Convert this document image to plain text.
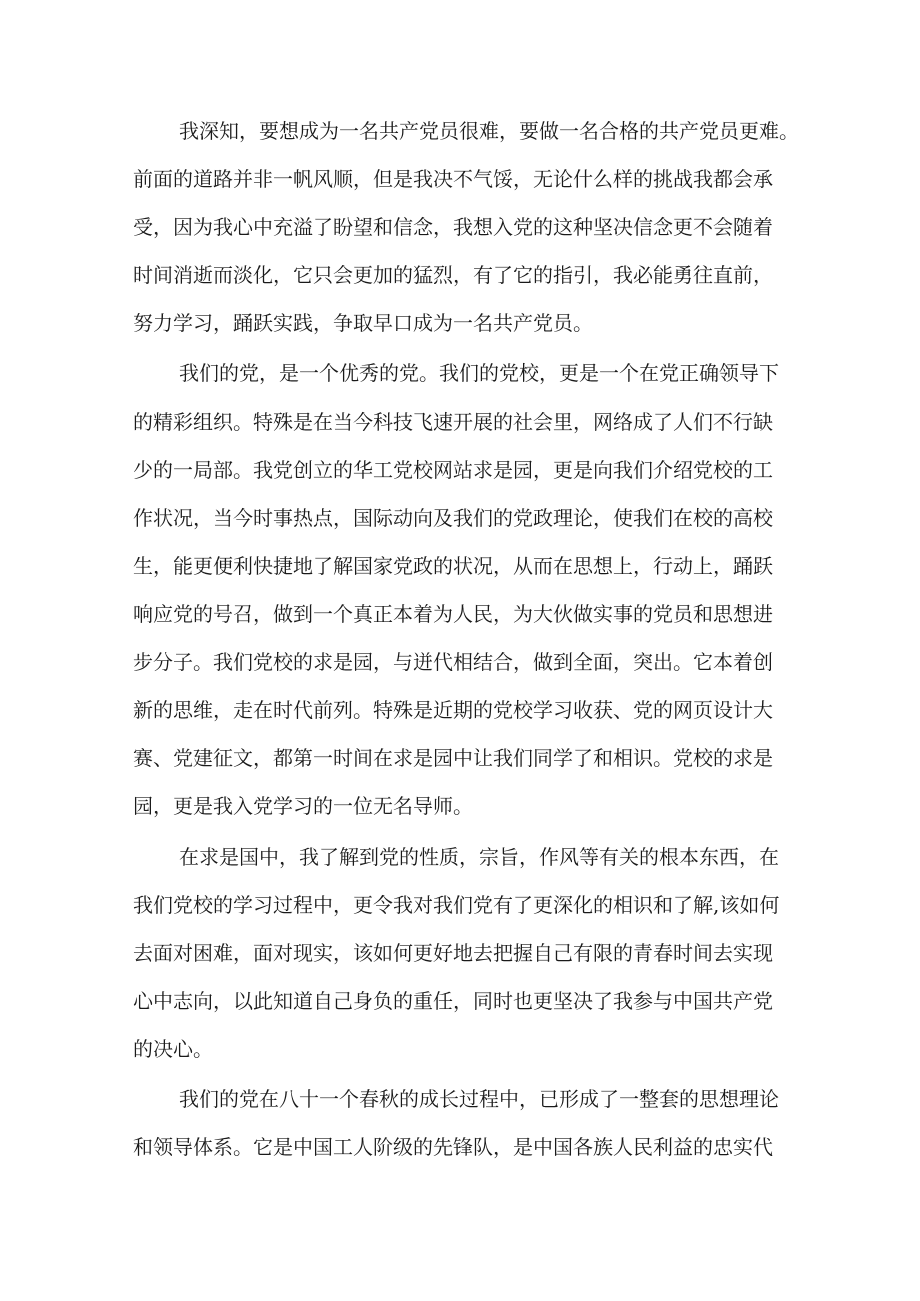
我深知，要想成为一名共产党员很难，要做一名合格的共产党员更难。
前面的道路并非一帆风顺，但是我决不气馁，无论什么样的挑战我都会承
受，因为我心中充溢了盼望和信念，我想入党的这种坚决信念更不会随着
时间消逝而淡化，它只会更加的猛烈，有了它的指引，我必能勇往直前，
努力学习，踊跃实践，争取早口成为一名共产党员。
我们的党，是一个优秀的党。我们的党校，更是一个在党正确领导下
的精彩组织。特殊是在当今科技飞速开展的社会里，网络成了人们不行缺
少的一局部。我党创立的华工党校网站求是园，更是向我们介绍党校的工
作状况，当今时事热点，国际动向及我们的党政理论，使我们在校的高校
生，能更便利快捷地了解国家党政的状况，从而在思想上，行动上，踊跃
响应党的号召，做到一个真正本着为人民，为大伙做实事的党员和思想进
步分子。我们党校的求是园，与迸代相结合，做到全面，突出。它本着创
新的思维，走在时代前列。特殊是近期的党校学习收获、党的网页设计大
赛、党建征文，都第一时间在求是园中让我们同学了和相识。党校的求是
园，更是我入党学习的一位无名导师。
在求是国中，我了解到党的性质，宗旨，作风等有关的根本东西，在
我们党校的学习过程中，更令我对我们党有了更深化的相识和了解,该如何
去面对困难，面对现实，该如何更好地去把握自己有限的青春时间去实现
心中志向，以此知道自己身负的重任，同时也更坚决了我参与中国共产党
的决心。
我们的党在八十一个春秋的成长过程中，已形成了一整套的思想理论
和领导体系。它是中国工人阶级的先锋队，是中国各族人民利益的忠实代
